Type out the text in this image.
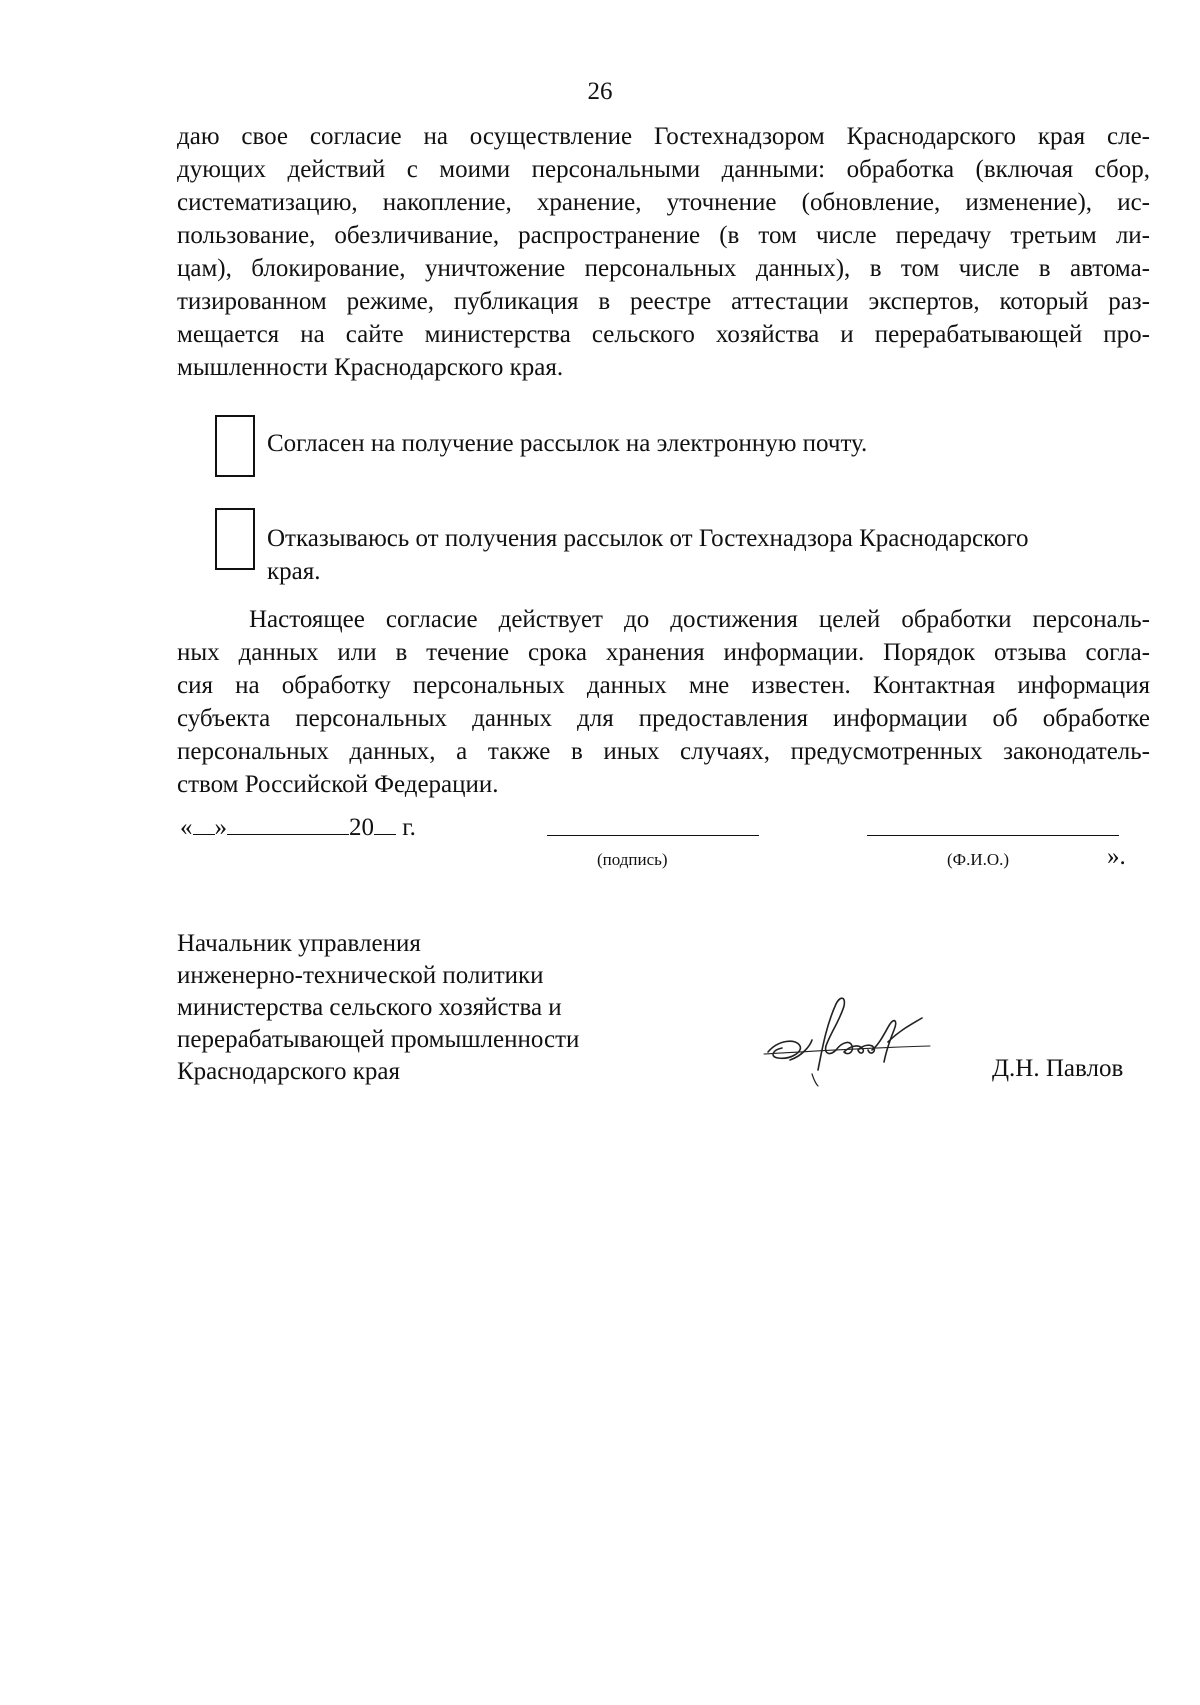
26
даю свое согласие на осуществление Гостехнадзором Краснодарского края сле-
дующих действий с моими персональными данными: обработка (включая сбор,
систематизацию, накопление, хранение, уточнение (обновление, изменение), ис-
пользование, обезличивание, распространение (в том числе передачу третьим ли-
цам), блокирование, уничтожение персональных данных), в том числе в автома-
тизированном режиме, публикация в реестре аттестации экспертов, который раз-
мещается на сайте министерства сельского хозяйства и перерабатывающей про-
мышленности Краснодарского края.
Согласен на получение рассылок на электронную почту.
Отказываюсь от получения рассылок от Гостехнадзора Краснодарского
края.
Настоящее согласие действует до достижения целей обработки персональ-
ных данных или в течение срока хранения информации. Порядок отзыва согла-
сия на обработку персональных данных мне известен. Контактная информация
субъекта персональных данных для предоставления информации об обработке
персональных данных, а также в иных случаях, предусмотренных законодатель-
ством Российской Федерации.
« »	20 г.
(подпись)	(Ф.И.О.)	».
Начальник управления
инженерно-технической политики
министерства сельского хозяйства и
перерабатывающей промышленности
Краснодарского края	Д.Н. Павлов
